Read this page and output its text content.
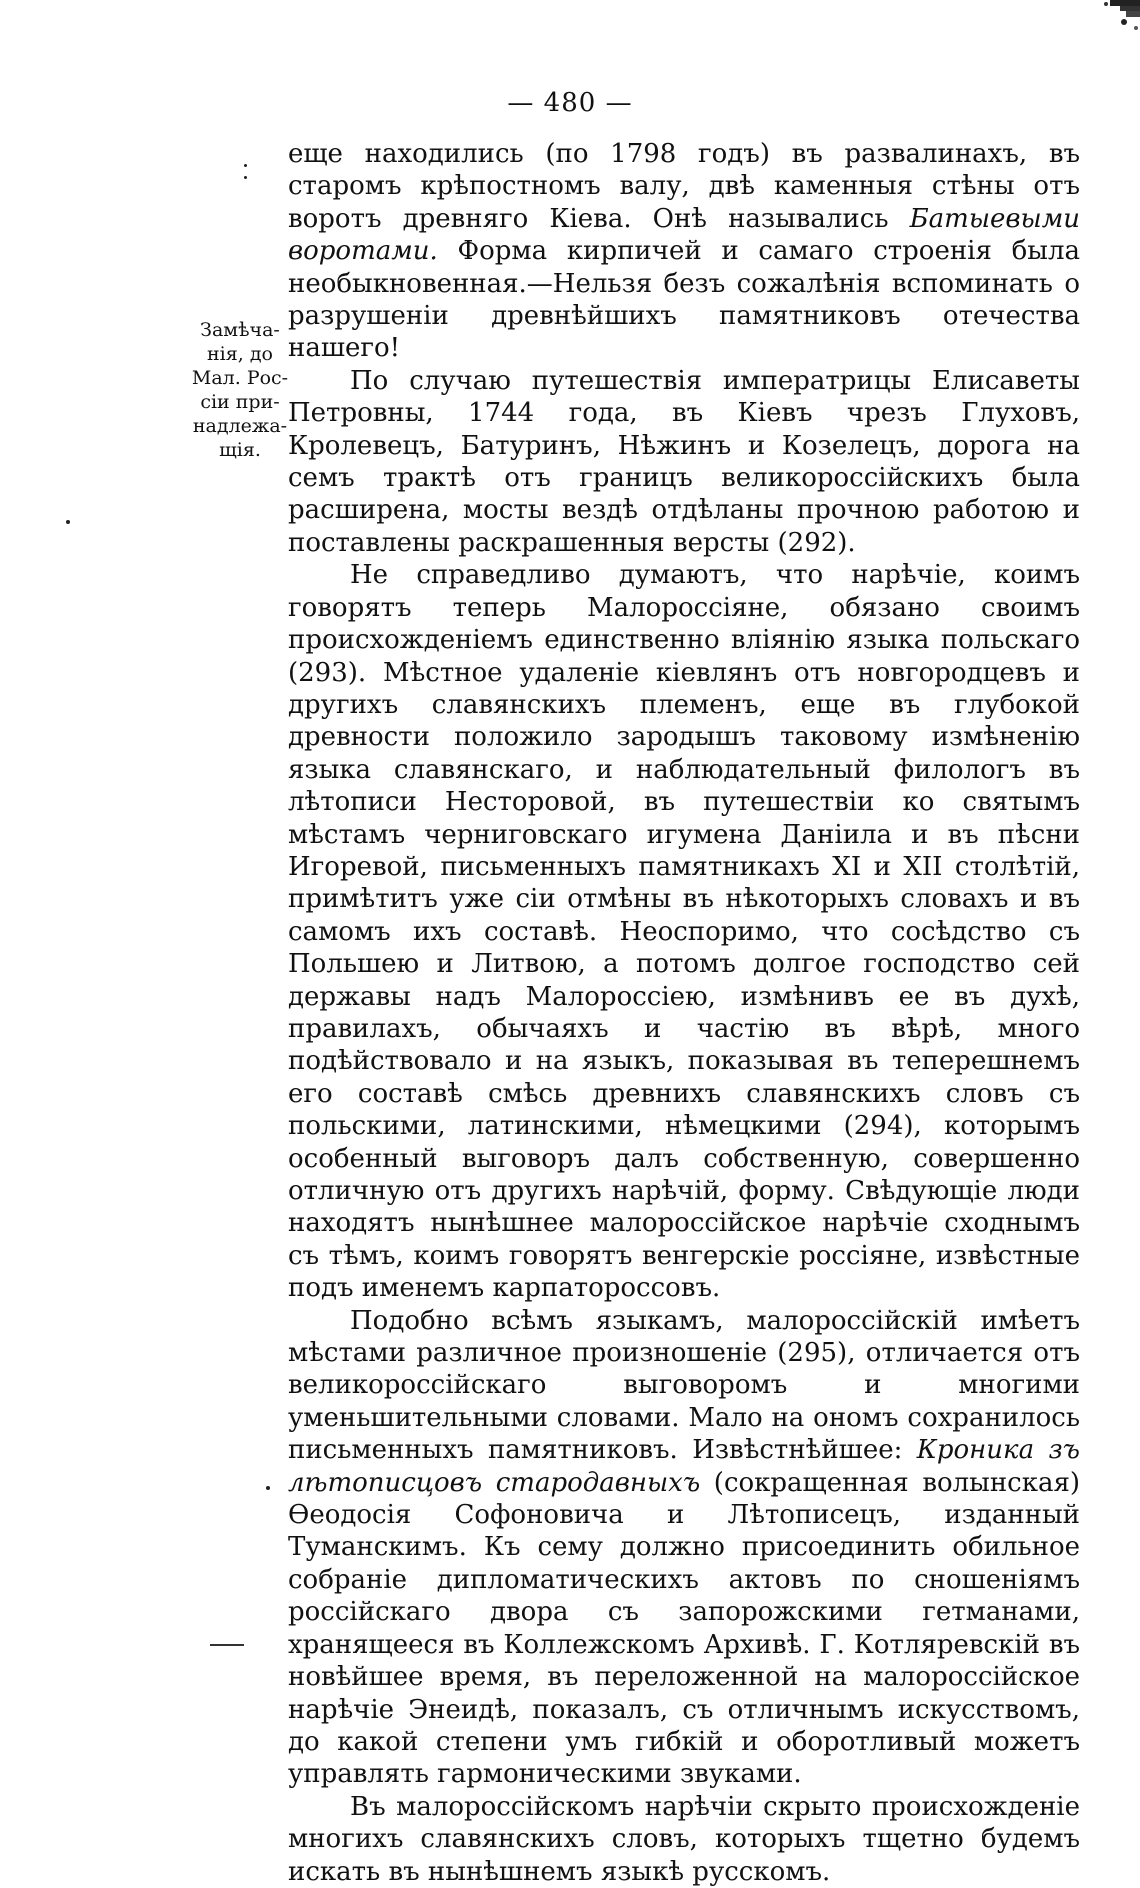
— 480 —
Замѣча-
нія, до
Мал. Рос-
сіи при-
надлежа-
щія.

еще находились (по 1798 годъ) въ развалинахъ, въ старомъ крѣпостномъ валу, двѣ каменныя стѣны отъ воротъ древняго Кіева. Онѣ назывались Батыевыми воротами. Форма кирпичей и самаго строенія была необыкновенная.—Нельзя безъ сожалѣнія вспоминать о разрушеніи древнѣйшихъ памятниковъ отечества нашего!

По случаю путешествія императрицы Елисаветы Петровны, 1744 года, въ Кіевъ чрезъ Глуховъ, Кролевецъ, Батуринъ, Нѣжинъ и Козелецъ, дорога на семъ трактѣ отъ границъ великороссійскихъ была расширена, мосты вездѣ отдѣланы прочною работою и поставлены раскрашенныя версты (292).

Не справедливо думаютъ, что нарѣчіе, коимъ говорятъ теперь Малороссіяне, обязано своимъ происхожденіемъ единственно вліянію языка польскаго (293). Мѣстное удаленіе кіевлянъ отъ новгородцевъ и другихъ славянскихъ племенъ, еще въ глубокой древности положило зародышъ таковому измѣненію языка славянскаго, и наблюдательный филологъ въ лѣтописи Несторовой, въ путешествіи ко святымъ мѣстамъ черниговскаго игумена Даніила и въ пѣсни Игоревой, письменныхъ памятникахъ XI и XII столѣтій, примѣтитъ уже сіи отмѣны въ нѣкоторыхъ словахъ и въ самомъ ихъ составѣ. Неоспоримо, что сосѣдство съ Польшею и Литвою, а потомъ долгое господство сей державы надъ Малороссіею, измѣнивъ ее въ духѣ, правилахъ, обычаяхъ и частію въ вѣрѣ, много подѣйствовало и на языкъ, показывая въ теперешнемъ его составѣ смѣсь древнихъ славянскихъ словъ съ польскими, латинскими, нѣмецкими (294), которымъ особенный выговоръ далъ собственную, совершенно отличную отъ другихъ нарѣчій, форму. Свѣдующіе люди находятъ нынѣшнее малороссійское нарѣчіе сходнымъ съ тѣмъ, коимъ говорятъ венгерскіе россіяне, извѣстные подъ именемъ карпатороссовъ.

Подобно всѣмъ языкамъ, малороссійскій имѣетъ мѣстами различное произношеніе (295), отличается отъ великороссійскаго выговоромъ и многими уменьшительными словами. Мало на ономъ сохранилось письменныхъ памятниковъ. Извѣстнѣйшее: Кроника зъ лѣтописцовъ стародавныхъ (сокращенная волынская) Ѳеодосія Софоновича и Лѣтописецъ, изданный Туманскимъ. Къ сему должно присоединить обильное собраніе дипломатическихъ актовъ по сношеніямъ россійскаго двора съ запорожскими гетманами, хранящееся въ Коллежскомъ Архивѣ. Г. Котляревскій въ новѣйшее время, въ переложенной на малороссійское нарѣчіе Энеидѣ, показалъ, съ отличнымъ искусствомъ, до какой степени умъ гибкій и оборотливый можетъ управлять гармоническими звуками.

Въ малороссійскомъ нарѣчіи скрыто происхожденіе многихъ славянскихъ словъ, которыхъ тщетно будемъ искать въ нынѣшнемъ языкѣ русскомъ.
